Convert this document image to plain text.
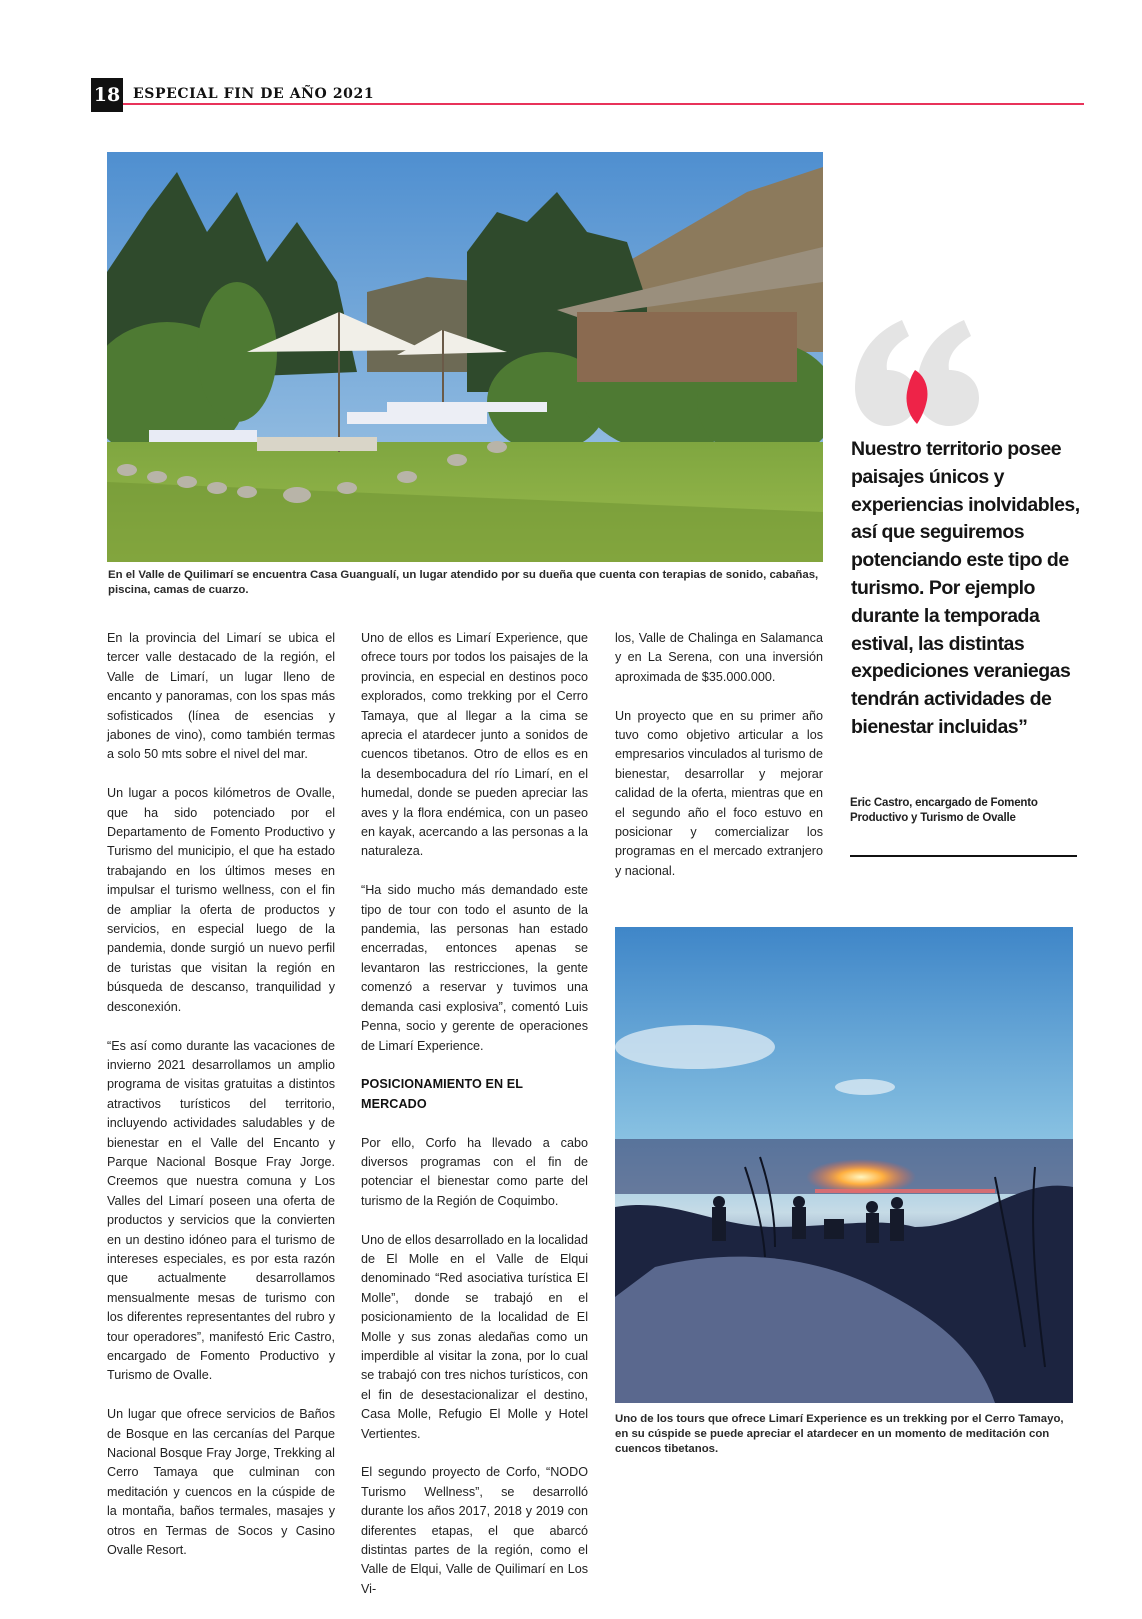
18 ESPECIAL FIN DE AÑO 2021
En el Valle de Quilimarí se encuentra Casa Guangualí, un lugar atendido por su dueña que cuenta con terapias de sonido, cabañas, piscina, camas de cuarzo.

En la provincia del Limarí se ubica el tercer valle destacado de la región, el Valle de Limarí, un lugar lleno de encanto y panoramas, con los spas más sofisticados (línea de esencias y jabones de vino), como también termas a solo 50 mts sobre el nivel del mar.

Un lugar a pocos kilómetros de Ovalle, que ha sido potenciado por el Departamento de Fomento Productivo y Turismo del municipio, el que ha estado trabajando en los últimos meses en impulsar el turismo wellness, con el fin de ampliar la oferta de productos y servicios, en especial luego de la pandemia, donde surgió un nuevo perfil de turistas que visitan la región en búsqueda de descanso, tranquilidad y desconexión.

“Es así como durante las vacaciones de invierno 2021 desarrollamos un amplio programa de visitas gratuitas a distintos atractivos turísticos del territorio, incluyendo actividades saludables y de bienestar en el Valle del Encanto y Parque Nacional Bosque Fray Jorge. Creemos que nuestra comuna y Los Valles del Limarí poseen una oferta de productos y servicios que la convierten en un destino idóneo para el turismo de intereses especiales, es por esta razón que actualmente desarrollamos mensualmente mesas de turismo con los diferentes representantes del rubro y tour operadores”, manifestó Eric Castro, encargado de Fomento Productivo y Turismo de Ovalle.

Un lugar que ofrece servicios de Baños de Bosque en las cercanías del Parque Nacional Bosque Fray Jorge, Trekking al Cerro Tamaya que culminan con meditación y cuencos en la cúspide de la montaña, baños termales, masajes y otros en Termas de Socos y Casino Ovalle Resort.

Uno de ellos es Limarí Experience, que ofrece tours por todos los paisajes de la provincia, en especial en destinos poco explorados, como trekking por el Cerro Tamaya, que al llegar a la cima se aprecia el atardecer junto a sonidos de cuencos tibetanos. Otro de ellos es en la desembocadura del río Limarí, en el humedal, donde se pueden apreciar las aves y la flora endémica, con un paseo en kayak, acercando a las personas a la naturaleza.

“Ha sido mucho más demandado este tipo de tour con todo el asunto de la pandemia, las personas han estado encerradas, entonces apenas se levantaron las restricciones, la gente comenzó a reservar y tuvimos una demanda casi explosiva”, comentó Luis Penna, socio y gerente de operaciones de Limarí Experience.

POSICIONAMIENTO EN EL MERCADO

Por ello, Corfo ha llevado a cabo diversos programas con el fin de potenciar el bienestar como parte del turismo de la Región de Coquimbo.

Uno de ellos desarrollado en la localidad de El Molle en el Valle de Elqui denominado “Red asociativa turística El Molle”, donde se trabajó en el posicionamiento de la localidad de El Molle y sus zonas aledañas como un imperdible al visitar la zona, por lo cual se trabajó con tres nichos turísticos, con el fin de desestacionalizar el destino, Casa Molle, Refugio El Molle y Hotel Vertientes.

El segundo proyecto de Corfo, “NODO Turismo Wellness”, se desarrolló durante los años 2017, 2018 y 2019 con diferentes etapas, el que abarcó distintas partes de la región, como el Valle de Elqui, Valle de Quilimarí en Los Vi-

los, Valle de Chalinga en Salamanca y en La Serena, con una inversión aproximada de $35.000.000.

Un proyecto que en su primer año tuvo como objetivo articular a los empresarios vinculados al turismo de bienestar, desarrollar y mejorar calidad de la oferta, mientras que en el segundo año el foco estuvo en posicionar y comercializar los programas en el mercado extranjero y nacional.

Nuestro territorio posee paisajes únicos y experiencias inolvidables, así que seguiremos potenciando este tipo de turismo. Por ejemplo durante la temporada estival, las distintas expediciones veraniegas tendrán actividades de bienestar incluidas”
Eric Castro, encargado de Fomento Productivo y Turismo de Ovalle
Uno de los tours que ofrece Limarí Experience es un trekking por el Cerro Tamayo, en su cúspide se puede apreciar el atardecer en un momento de meditación con cuencos tibetanos.
